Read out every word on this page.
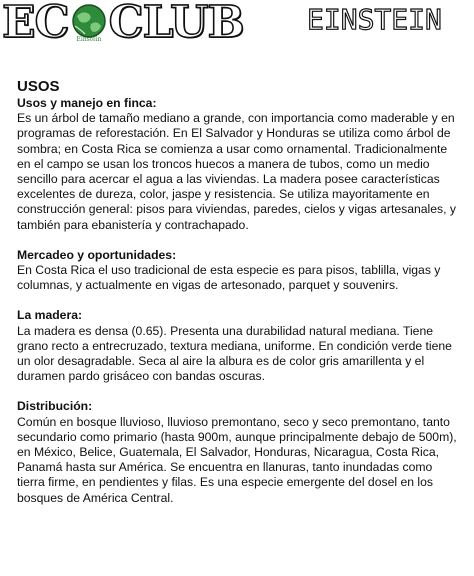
EC Einstein CLUB EINSTEIN
USOS

Usos y manejo en finca:

Es un árbol de tamaño mediano a grande, con importancia como maderable y en programas de reforestación. En El Salvador y Honduras se utiliza como árbol de sombra; en Costa Rica se comienza a usar como ornamental. Tradicionalmente en el campo se usan los troncos huecos a manera de tubos, como un medio sencillo para acercar el agua a las viviendas. La madera posee características excelentes de dureza, color, jaspe y resistencia. Se utiliza mayoritamente en construcción general: pisos para viviendas, paredes, cielos y vigas artesanales, y también para ebanistería y contrachapado.

Mercadeo y oportunidades:

En Costa Rica el uso tradicional de esta especie es para pisos, tablilla, vigas y columnas, y actualmente en vigas de artesonado, parquet y souvenirs.

La madera:

La madera es densa (0.65). Presenta una durabilidad natural mediana. Tiene grano recto a entrecruzado, textura mediana, uniforme. En condición verde tiene un olor desagradable. Seca al aire la albura es de color gris amarillenta y el duramen pardo grisáceo con bandas oscuras.

Distribución:

Común en bosque lluvioso, lluvioso premontano, seco y seco premontano, tanto secundario como primario (hasta 900m, aunque principalmente debajo de 500m), en México, Belice, Guatemala, El Salvador, Honduras, Nicaragua, Costa Rica, Panamá hasta sur América. Se encuentra en llanuras, tanto inundadas como tierra firme, en pendientes y filas. Es una especie emergente del dosel en los bosques de América Central.
